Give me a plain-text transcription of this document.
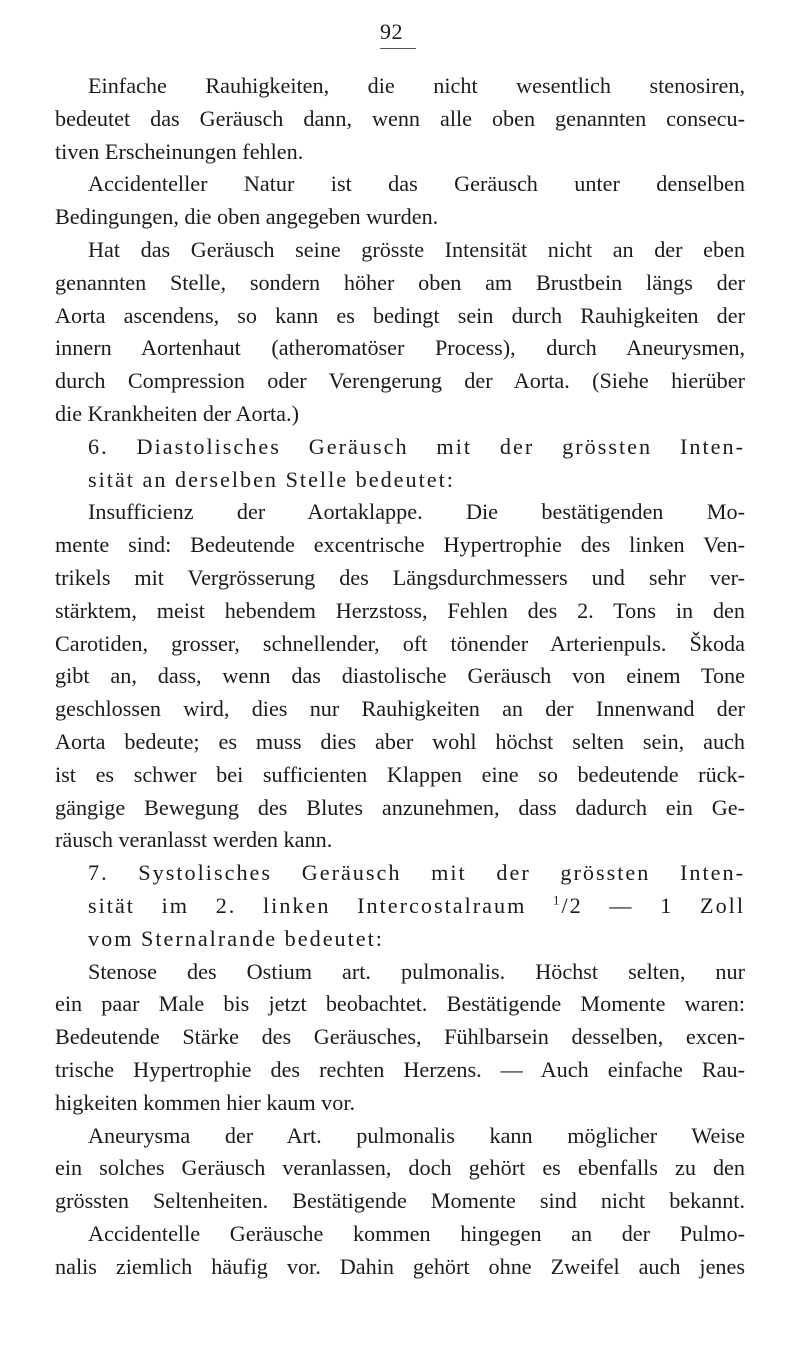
92
Einfache Rauhigkeiten, die nicht wesentlich stenosiren,
bedeutet das Geräusch dann, wenn alle oben genannten consecu-
tiven Erscheinungen fehlen.
Accidenteller Natur ist das Geräusch unter denselben
Bedingungen, die oben angegeben wurden.
Hat das Geräusch seine grösste Intensität nicht an der eben
genannten Stelle, sondern höher oben am Brustbein längs der
Aorta ascendens, so kann es bedingt sein durch Rauhigkeiten der
innern Aortenhaut (atheromatöser Process), durch Aneurysmen,
durch Compression oder Verengerung der Aorta. (Siehe hierüber
die Krankheiten der Aorta.)
6. Diastolisches Geräusch mit der grössten Inten-
sität an derselben Stelle bedeutet:
Insufficienz der Aortaklappe. Die bestätigenden Mo-
mente sind: Bedeutende excentrische Hypertrophie des linken Ven-
trikels mit Vergrösserung des Längsdurchmessers und sehr ver-
stärktem, meist hebendem Herzstoss, Fehlen des 2. Tons in den
Carotiden, grosser, schnellender, oft tönender Arterienpuls. Škoda
gibt an, dass, wenn das diastolische Geräusch von einem Tone
geschlossen wird, dies nur Rauhigkeiten an der Innenwand der
Aorta bedeute; es muss dies aber wohl höchst selten sein, auch
ist es schwer bei sufficienten Klappen eine so bedeutende rück-
gängige Bewegung des Blutes anzunehmen, dass dadurch ein Ge-
räusch veranlasst werden kann.
7. Systolisches Geräusch mit der grössten Inten-
sität im 2. linken Intercostalraum $^1$/2 — 1 Zoll
vom Sternalrande bedeutet:
Stenose des Ostium art. pulmonalis. Höchst selten, nur
ein paar Male bis jetzt beobachtet. Bestätigende Momente waren:
Bedeutende Stärke des Geräusches, Fühlbarsein desselben, excen-
trische Hypertrophie des rechten Herzens. — Auch einfache Rau-
higkeiten kommen hier kaum vor.
Aneurysma der Art. pulmonalis kann möglicher Weise
ein solches Geräusch veranlassen, doch gehört es ebenfalls zu den
grössten Seltenheiten. Bestätigende Momente sind nicht bekannt.
Accidentelle Geräusche kommen hingegen an der Pulmo-
nalis ziemlich häufig vor. Dahin gehört ohne Zweifel auch jenes
